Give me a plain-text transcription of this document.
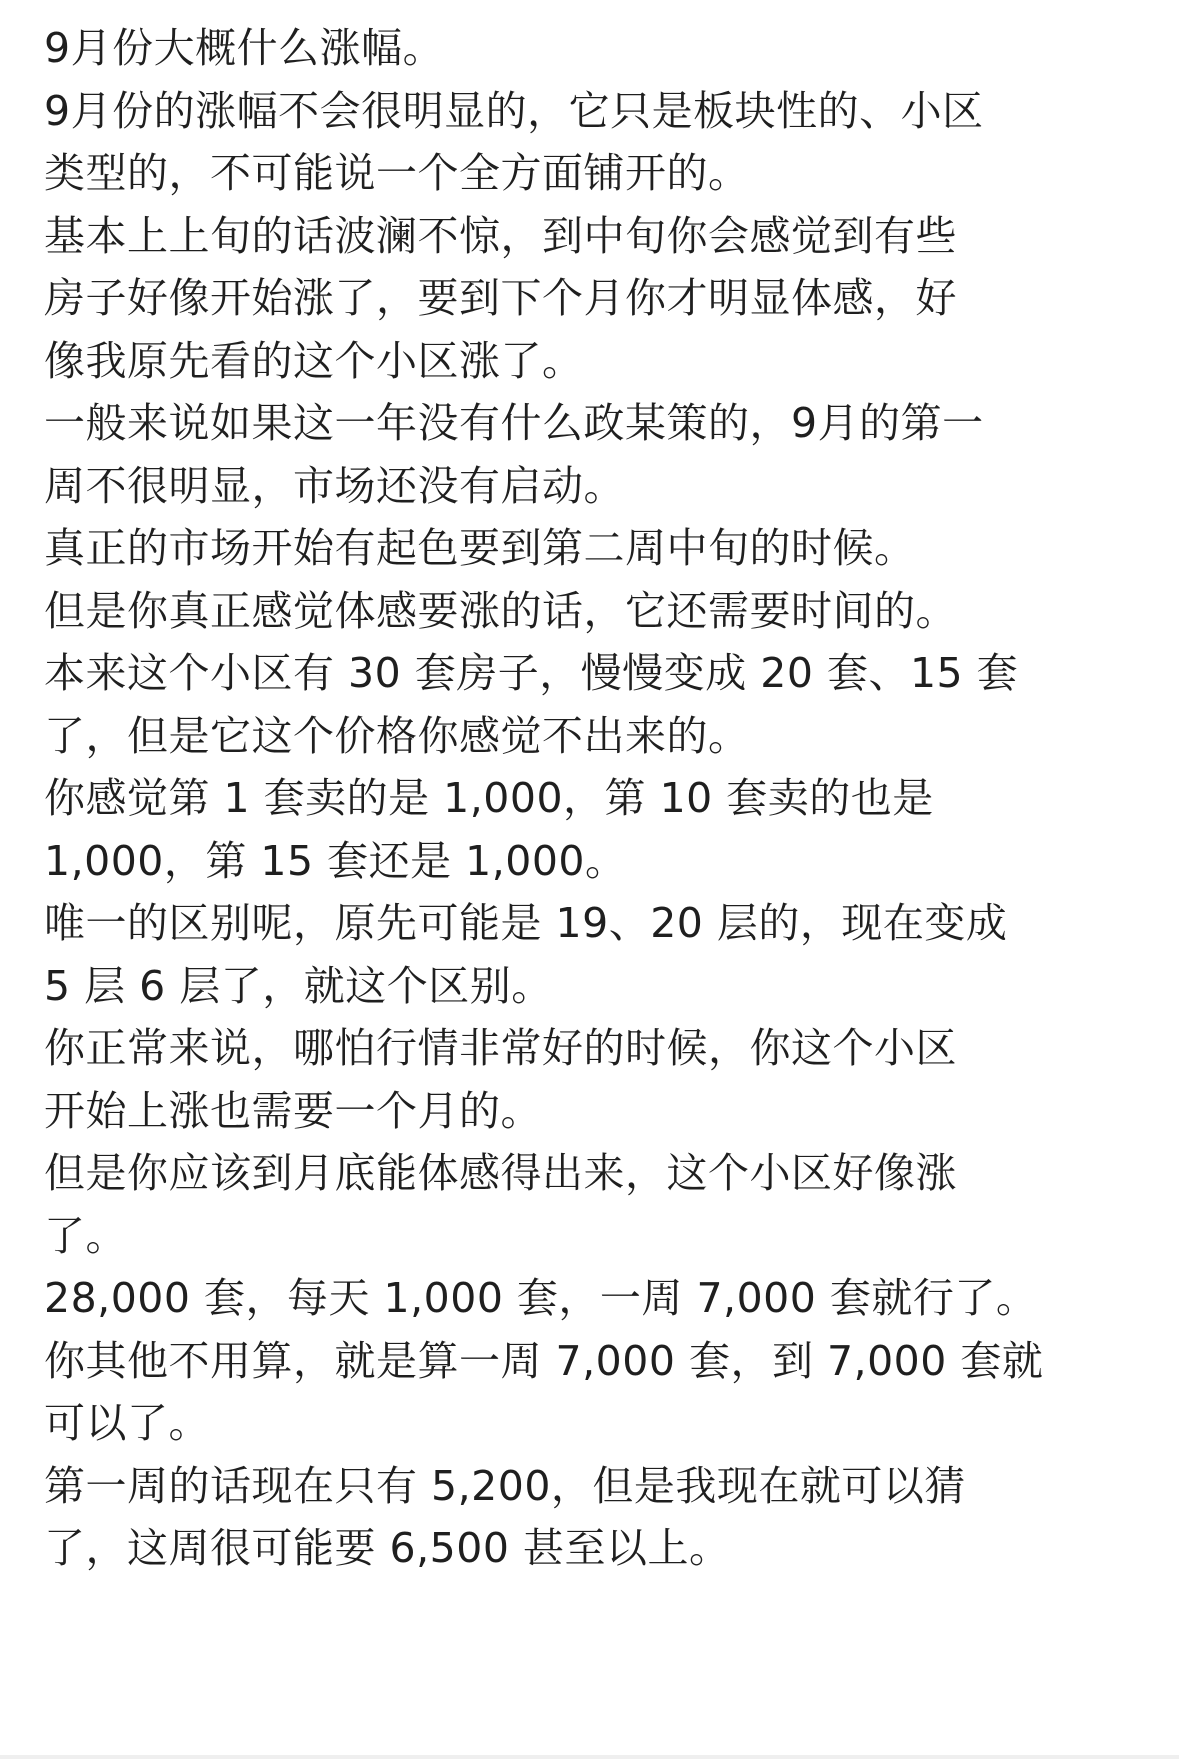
9月份大概什么涨幅。
9月份的涨幅不会很明显的，它只是板块性的、小区
类型的，不可能说一个全方面铺开的。
基本上上旬的话波澜不惊，到中旬你会感觉到有些
房子好像开始涨了，要到下个月你才明显体感，好
像我原先看的这个小区涨了。
一般来说如果这一年没有什么政某策的，9月的第一
周不很明显，市场还没有启动。
真正的市场开始有起色要到第二周中旬的时候。
但是你真正感觉体感要涨的话，它还需要时间的。
本来这个小区有 30 套房子，慢慢变成 20 套、15 套
了，但是它这个价格你感觉不出来的。
你感觉第 1 套卖的是 1,000，第 10 套卖的也是
1,000，第 15 套还是 1,000。
唯一的区别呢，原先可能是 19、20 层的，现在变成
5 层 6 层了，就这个区别。
你正常来说，哪怕行情非常好的时候，你这个小区
开始上涨也需要一个月的。
但是你应该到月底能体感得出来，这个小区好像涨
了。
28,000 套，每天 1,000 套，一周 7,000 套就行了。
你其他不用算，就是算一周 7,000 套，到 7,000 套就
可以了。
第一周的话现在只有 5,200，但是我现在就可以猜
了，这周很可能要 6,500 甚至以上。
